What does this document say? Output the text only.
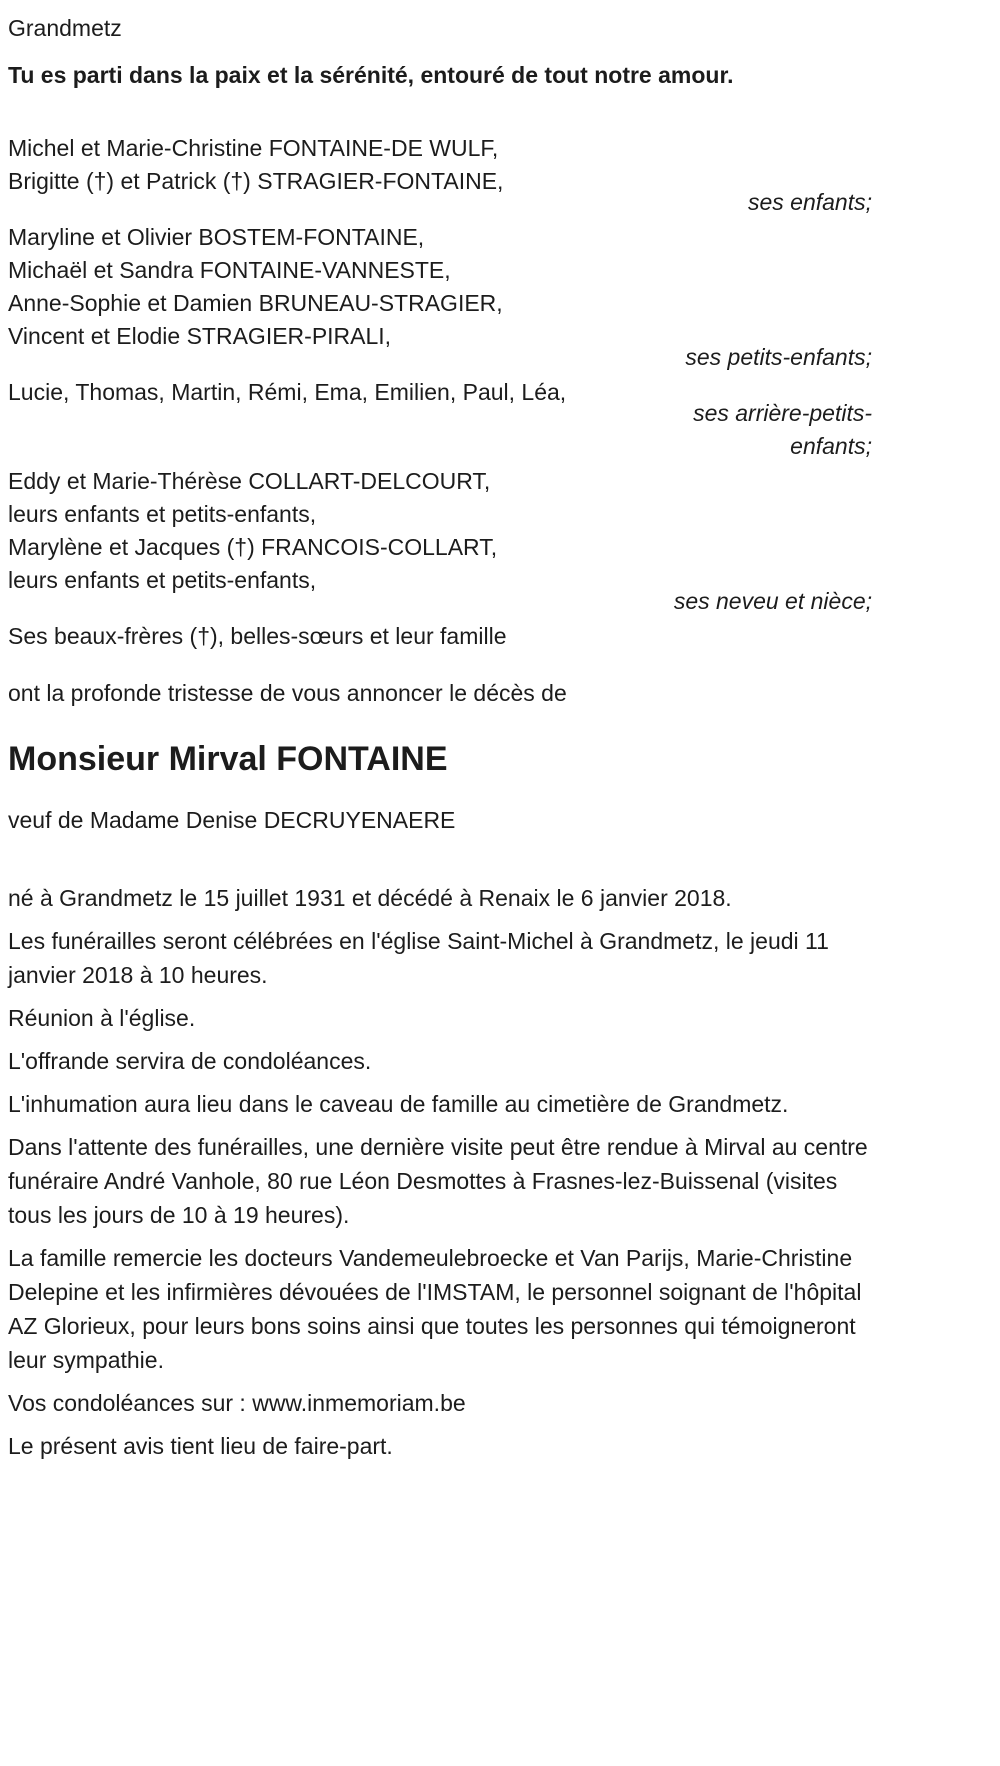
Grandmetz

Tu es parti dans la paix et la sérénité, entouré de tout notre amour.

Michel et Marie-Christine FONTAINE-DE WULF,

Brigitte (†) et Patrick (†) STRAGIER-FONTAINE,

ses enfants;

Maryline et Olivier BOSTEM-FONTAINE,

Michaël et Sandra FONTAINE-VANNESTE,

Anne-Sophie et Damien BRUNEAU-STRAGIER,

Vincent et Elodie STRAGIER-PIRALI,

ses petits-enfants;

Lucie, Thomas, Martin, Rémi, Ema, Emilien, Paul, Léa,

ses arrière-petits-
enfants;

Eddy et Marie-Thérèse COLLART-DELCOURT,

leurs enfants et petits-enfants,

Marylène et Jacques (†) FRANCOIS-COLLART,

leurs enfants et petits-enfants,

ses neveu et nièce;

Ses beaux-frères (†), belles-sœurs et leur famille

ont la profonde tristesse de vous annoncer le décès de

Monsieur Mirval FONTAINE

veuf de Madame Denise DECRUYENAERE

né à Grandmetz le 15 juillet 1931 et décédé à Renaix le 6 janvier 2018.

Les funérailles seront célébrées en l'église Saint-Michel à Grandmetz, le jeudi 11 janvier 2018 à 10 heures.

Réunion à l'église.

L'offrande servira de condoléances.

L'inhumation aura lieu dans le caveau de famille au cimetière de Grandmetz.

Dans l'attente des funérailles, une dernière visite peut être rendue à Mirval au centre funéraire André Vanhole, 80 rue Léon Desmottes à Frasnes-lez-Buissenal (visites tous les jours de 10 à 19 heures).

La famille remercie les docteurs Vandemeulebroecke et Van Parijs, Marie-Christine Delepine et les infirmières dévouées de l'IMSTAM, le personnel soignant de l'hôpital AZ Glorieux, pour leurs bons soins ainsi que toutes les personnes qui témoigneront leur sympathie.

Vos condoléances sur : www.inmemoriam.be

Le présent avis tient lieu de faire-part.
